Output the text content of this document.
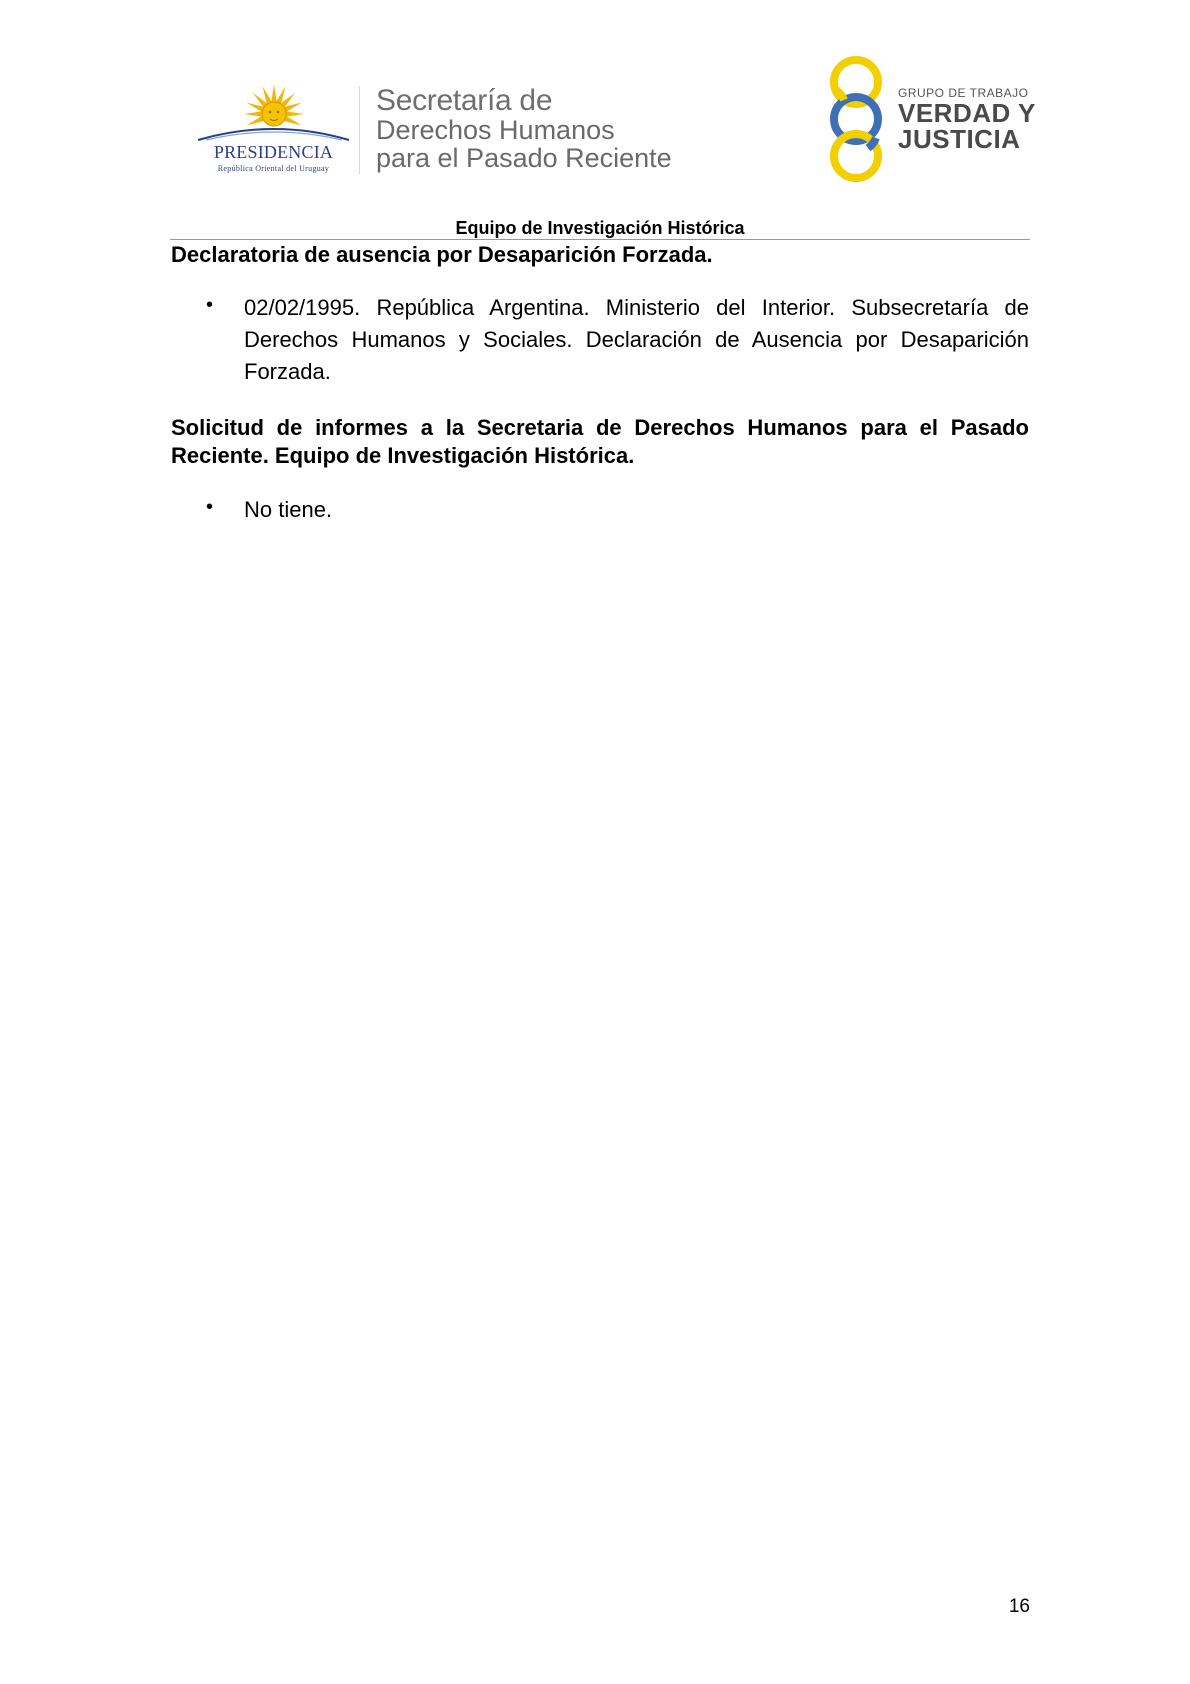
PRESIDENCIA
República Oriental del Uruguay
Secretaría de
Derechos Humanos
para el Pasado Reciente
GRUPO DE TRABAJO
VERDAD Y
JUSTICIA
Equipo de Investigación Histórica
Declaratoria de ausencia por Desaparición Forzada.
• 02/02/1995. República Argentina. Ministerio del Interior. Subsecretaría de Derechos Humanos y Sociales. Declaración de Ausencia por Desaparición Forzada.
Solicitud de informes a la Secretaria de Derechos Humanos para el Pasado Reciente. Equipo de Investigación Histórica.
• No tiene.
16
